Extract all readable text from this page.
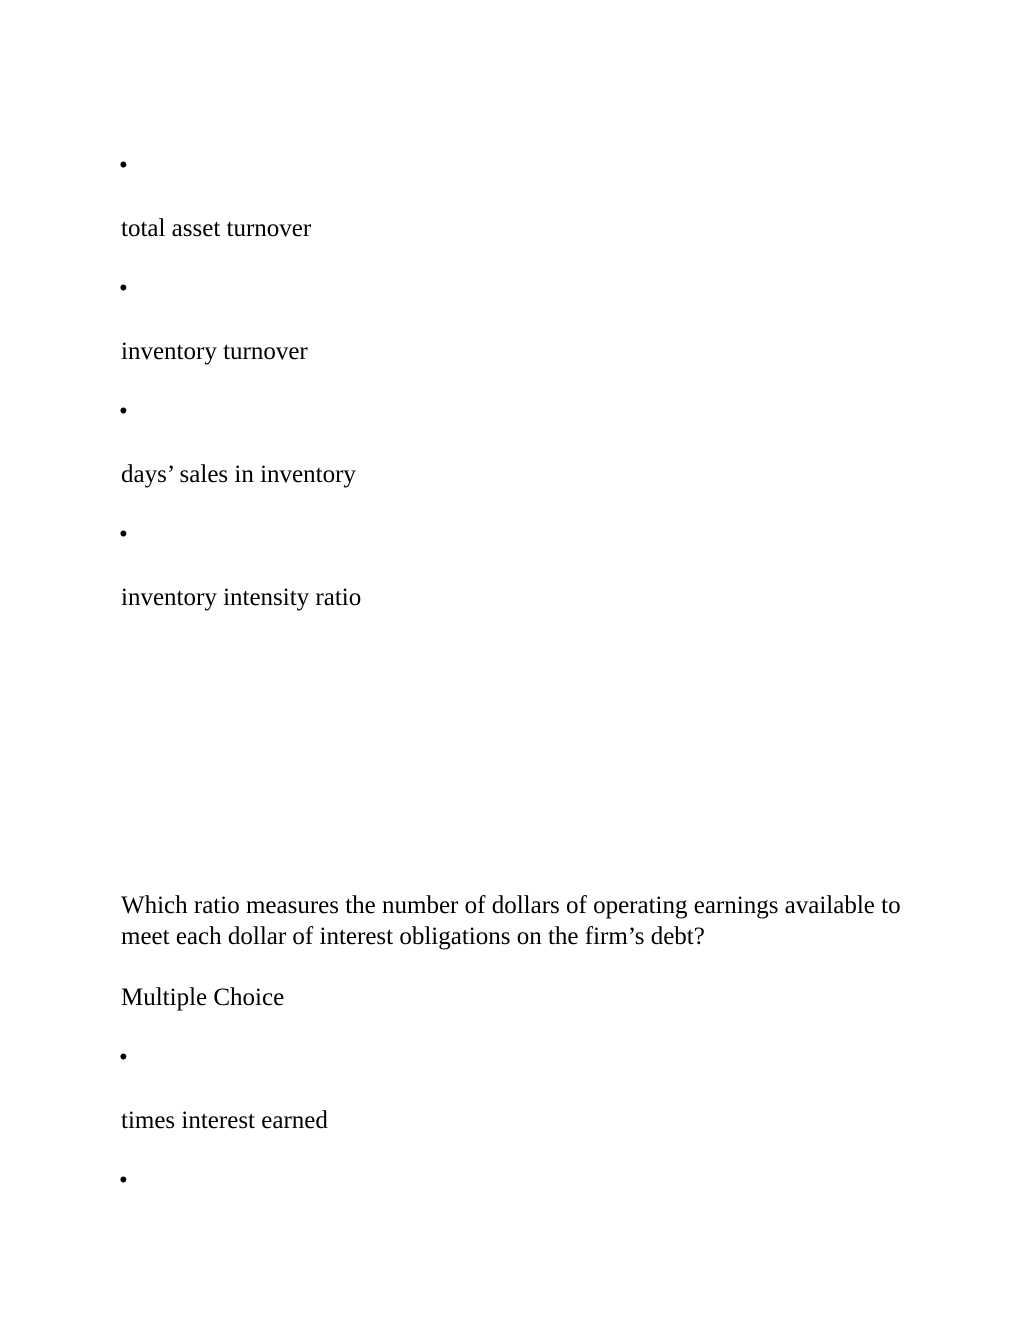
•
total asset turnover
•
inventory turnover
•
days’ sales in inventory
•
inventory intensity ratio
Which ratio measures the number of dollars of operating earnings available to meet each dollar of interest obligations on the firm’s debt?
Multiple Choice
•
times interest earned
•
